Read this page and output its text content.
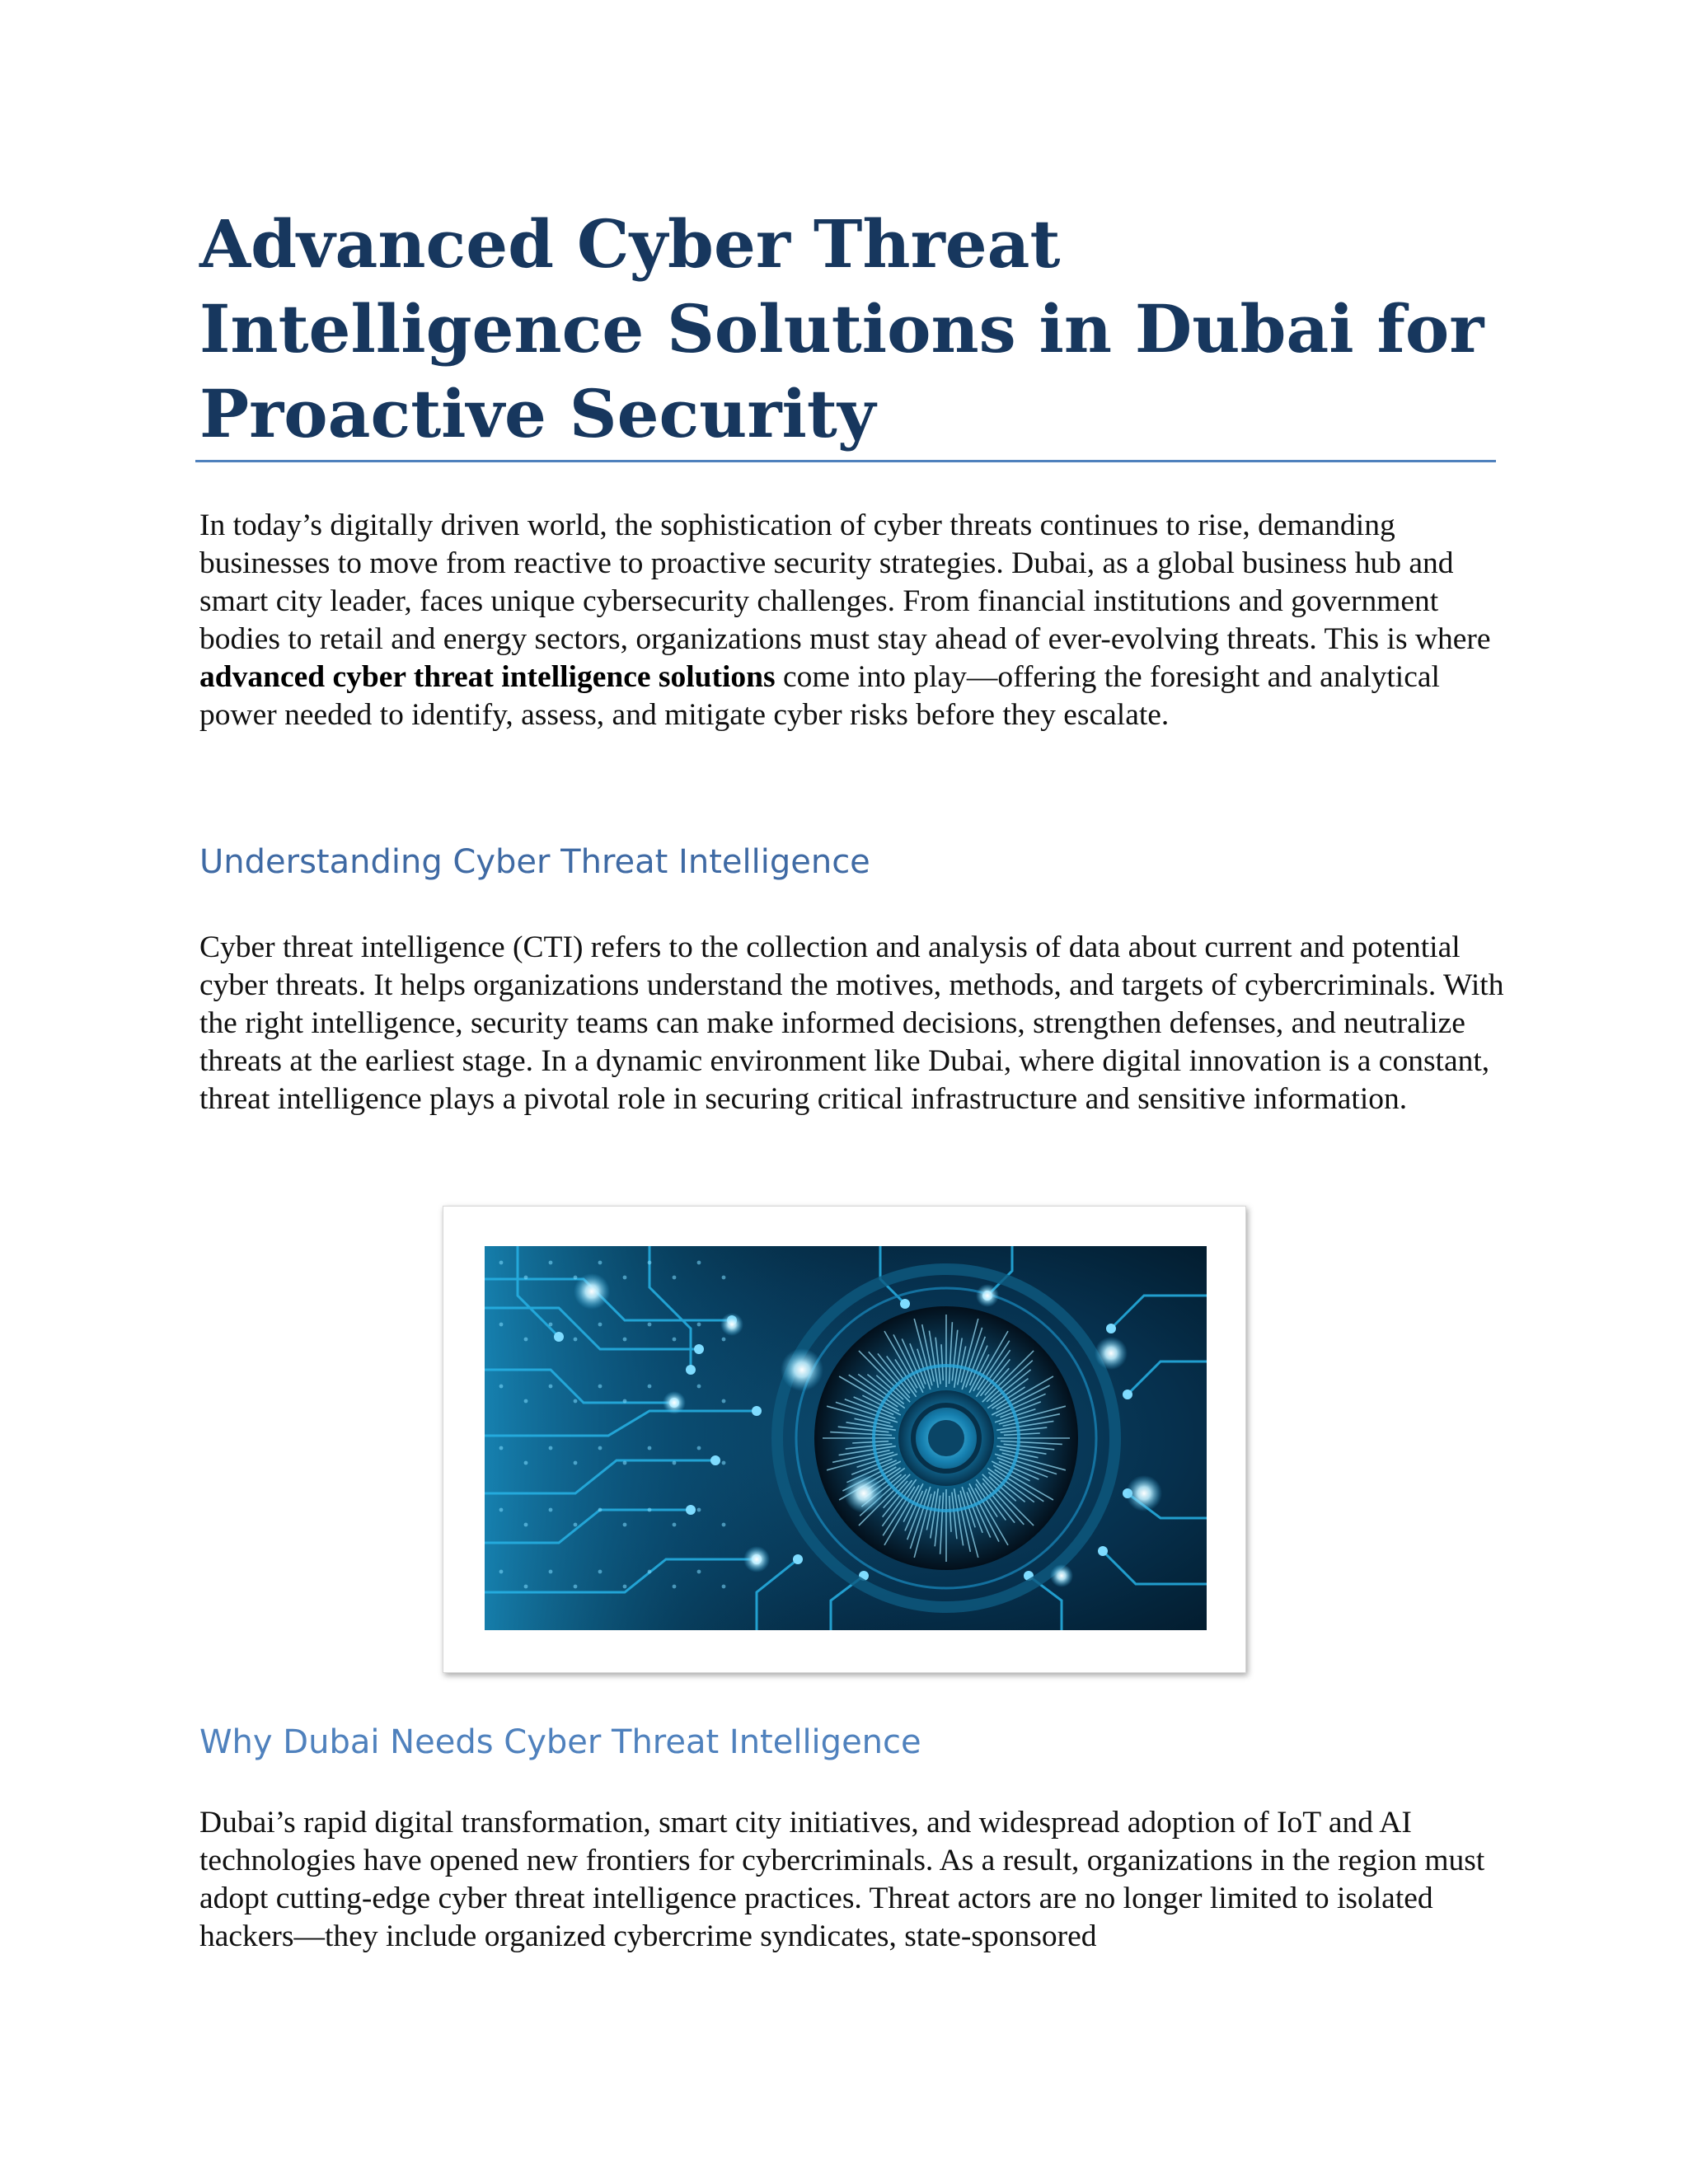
Advanced Cyber Threat Intelligence Solutions in Dubai for Proactive Security

In today’s digitally driven world, the sophistication of cyber threats continues to rise, demanding businesses to move from reactive to proactive security strategies. Dubai, as a global business hub and smart city leader, faces unique cybersecurity challenges. From financial institutions and government bodies to retail and energy sectors, organizations must stay ahead of ever-evolving threats. This is where advanced cyber threat intelligence solutions come into play—offering the foresight and analytical power needed to identify, assess, and mitigate cyber risks before they escalate.

Understanding Cyber Threat Intelligence

Cyber threat intelligence (CTI) refers to the collection and analysis of data about current and potential cyber threats. It helps organizations understand the motives, methods, and targets of cybercriminals. With the right intelligence, security teams can make informed decisions, strengthen defenses, and neutralize threats at the earliest stage. In a dynamic environment like Dubai, where digital innovation is a constant, threat intelligence plays a pivotal role in securing critical infrastructure and sensitive information.

Why Dubai Needs Cyber Threat Intelligence

Dubai’s rapid digital transformation, smart city initiatives, and widespread adoption of IoT and AI technologies have opened new frontiers for cybercriminals. As a result, organizations in the region must adopt cutting-edge cyber threat intelligence practices. Threat actors are no longer limited to isolated hackers—they include organized cybercrime syndicates, state-sponsored
